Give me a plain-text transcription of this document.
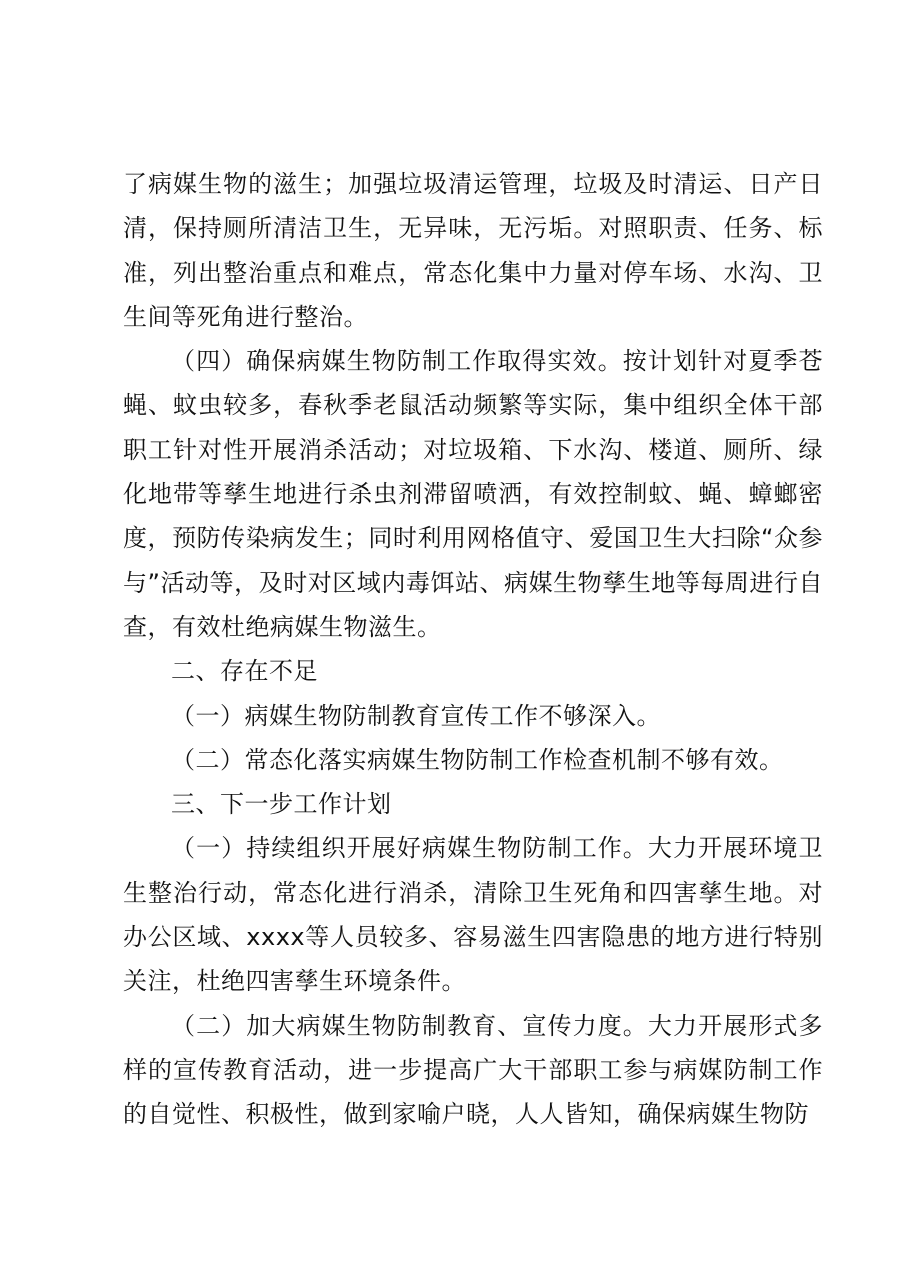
了病媒生物的滋生；加强垃圾清运管理，垃圾及时清运、日产日清，保持厕所清洁卫生，无异味，无污垢。对照职责、任务、标准，列出整治重点和难点，常态化集中力量对停车场、水沟、卫生间等死角进行整治。

（四）确保病媒生物防制工作取得实效。按计划针对夏季苍蝇、蚊虫较多，春秋季老鼠活动频繁等实际，集中组织全体干部职工针对性开展消杀活动；对垃圾箱、下水沟、楼道、厕所、绿化地带等孳生地进行杀虫剂滞留喷洒，有效控制蚊、蝇、蟑螂密度，预防传染病发生；同时利用网格值守、爱国卫生大扫除“众参与”活动等，及时对区域内毒饵站、病媒生物孳生地等每周进行自查，有效杜绝病媒生物滋生。

二、存在不足

（一）病媒生物防制教育宣传工作不够深入。

（二）常态化落实病媒生物防制工作检查机制不够有效。

三、下一步工作计划

（一）持续组织开展好病媒生物防制工作。大力开展环境卫生整治行动，常态化进行消杀，清除卫生死角和四害孳生地。对办公区域、xxxx等人员较多、容易滋生四害隐患的地方进行特别关注，杜绝四害孳生环境条件。

（二）加大病媒生物防制教育、宣传力度。大力开展形式多样的宣传教育活动，进一步提高广大干部职工参与病媒防制工作的自觉性、积极性，做到家喻户晓，人人皆知，确保病媒生物防
